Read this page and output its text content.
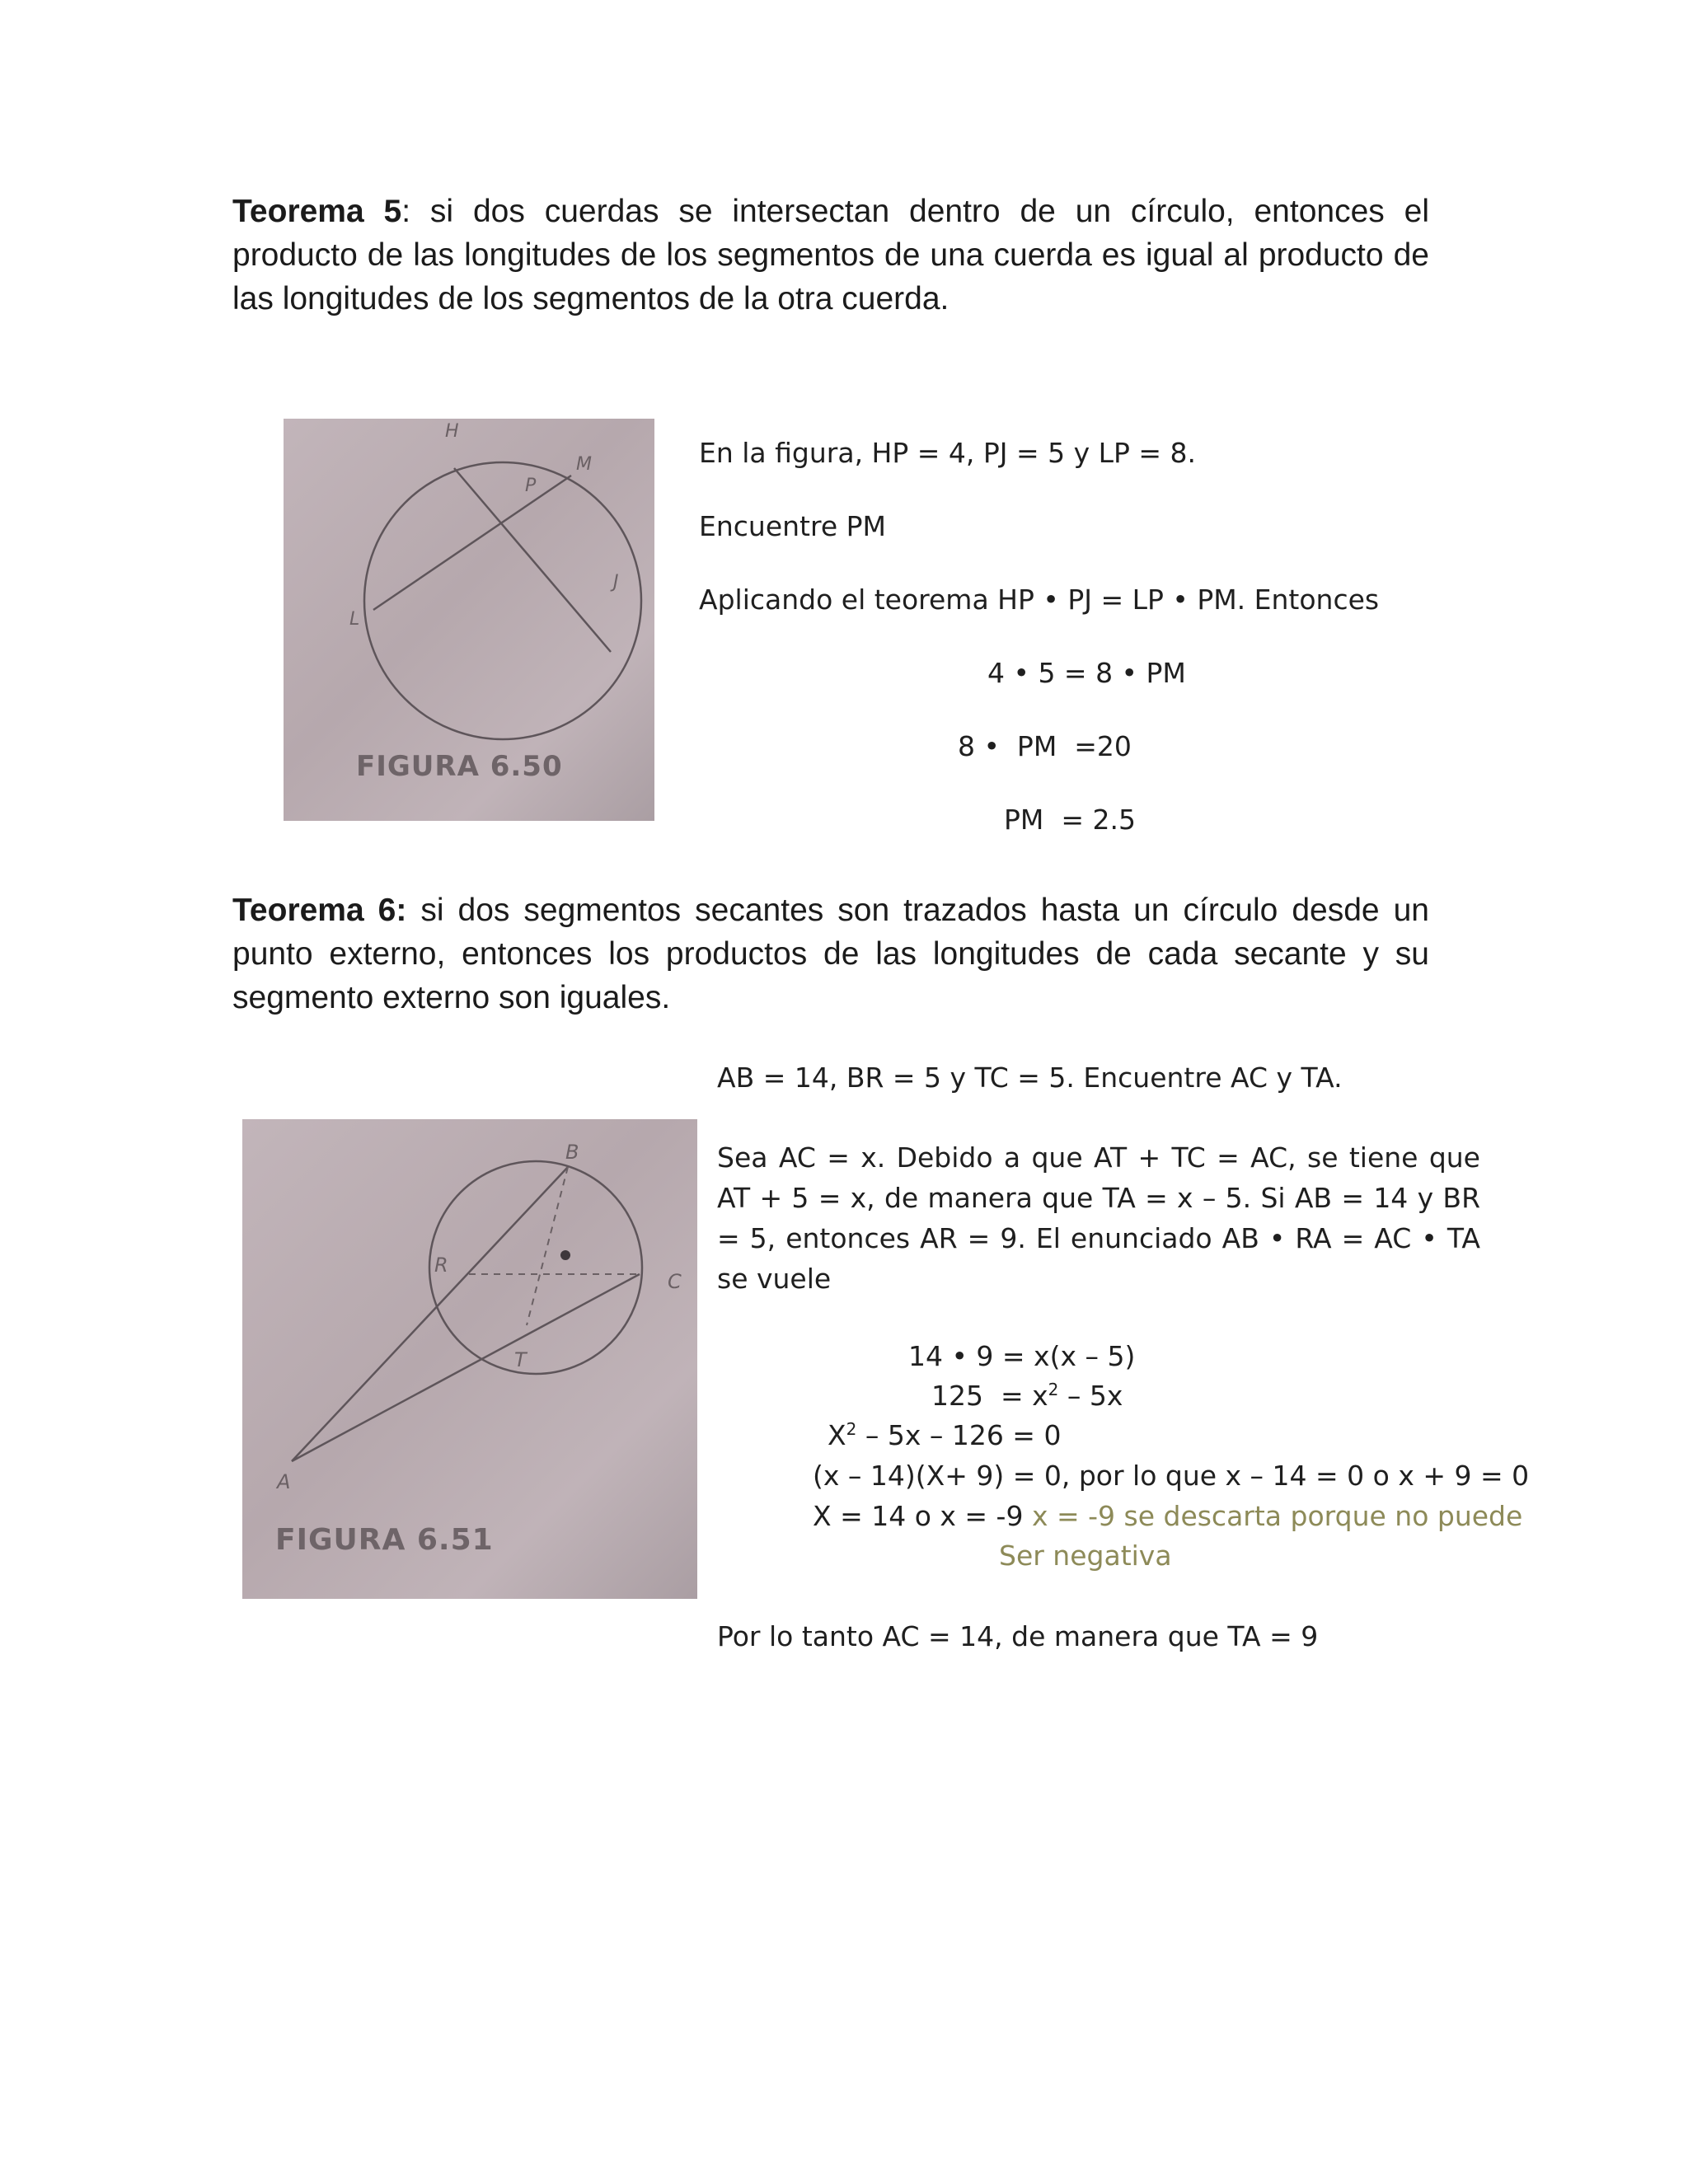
Teorema 5: si dos cuerdas se intersectan dentro de un círculo, entonces el producto de las longitudes de los segmentos de una cuerda es igual al producto de las longitudes de los segmentos de la otra cuerda.
H
M
P
J
L
FIGURA 6.50
En la figura, HP = 4, PJ = 5 y LP = 8.
Encuentre PM
Aplicando el teorema HP • PJ = LP • PM. Entonces
4 • 5 = 8 • PM
8 •  PM  =20
PM  = 2.5
Teorema 6: si dos segmentos secantes son trazados hasta un círculo desde un punto externo, entonces los productos de las longitudes de cada secante y su segmento externo son iguales.
AB = 14, BR = 5 y TC = 5. Encuentre AC y TA.
B
R
C
T
A
FIGURA 6.51
Sea AC = x. Debido a que AT + TC = AC, se tiene que AT + 5 = x, de manera que TA = x – 5. Si AB = 14 y BR = 5, entonces AR = 9. El enunciado AB • RA = AC • TA se vuele
14 • 9 = x(x – 5)
$125 = x^2 - 5x$
$X^2 - 5x - 126 = 0$
(x – 14)(X+ 9) = 0, por lo que x – 14 = 0 o x + 9 = 0
X = 14 o x = -9 x = -9 se descarta porque no puede
Ser negativa
Por lo tanto AC = 14, de manera que TA = 9
